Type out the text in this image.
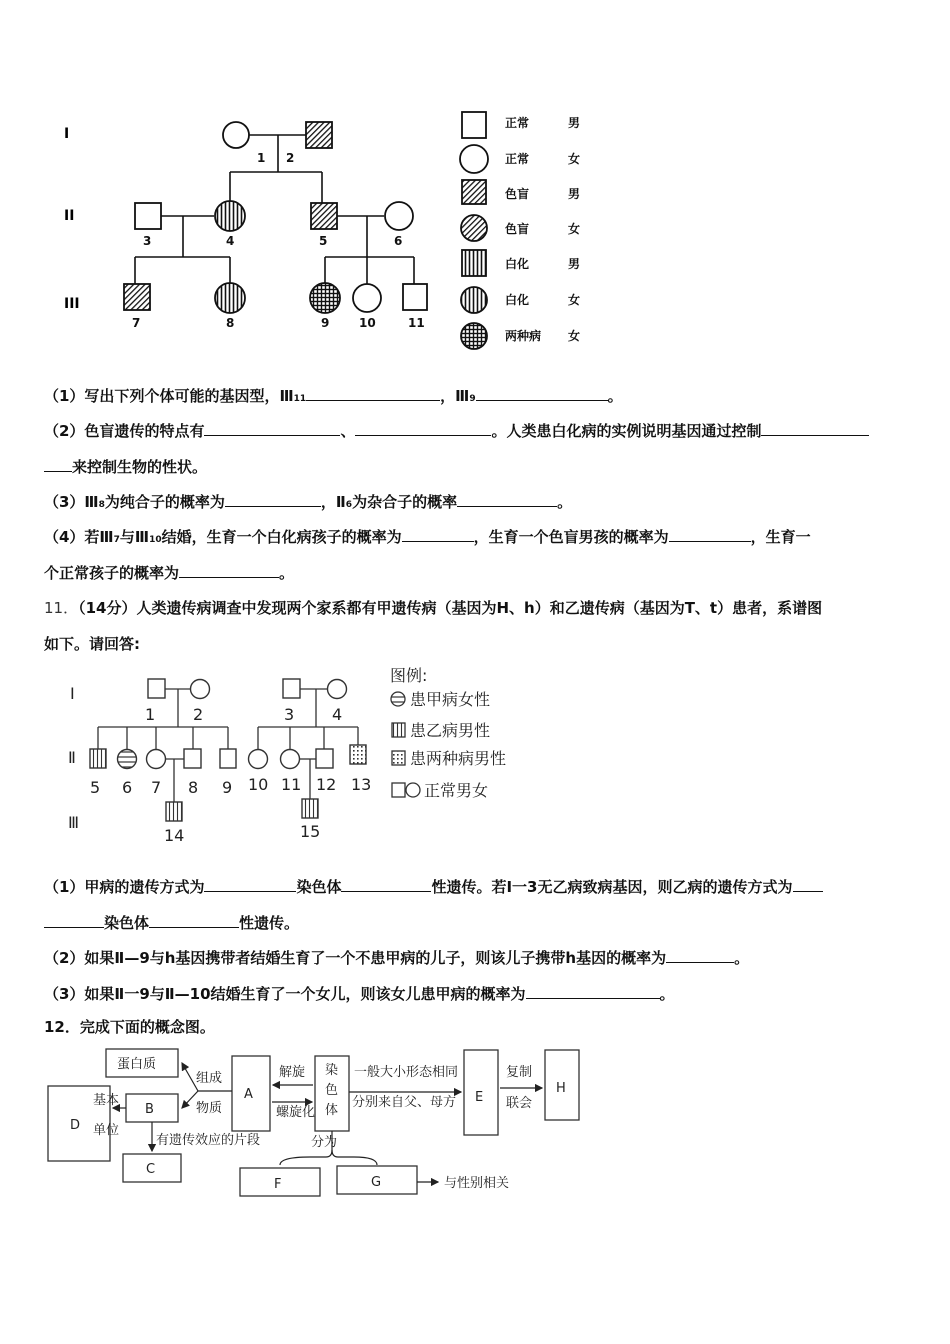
I
II
III
1 2
3	4	5	6
7	8	9 10	11
正常	男
正常	女
色盲	男
色盲	女
白化	男
白化	女
两种病 女
（1）写出下列个体可能的基因型，Ⅲ11	，Ⅲ9	。
（2）色盲遗传的特点有	、	。人类患白化病的实例说明基因通过控制
来控制生物的性状。
（3）Ⅲ8为纯合子的概率为	，Ⅱ6为杂合子的概率	。
（4）若Ⅲ7与Ⅲ10结婚，生育一个白化病孩子的概率为	，生育一个色盲男孩的概率为	，生育一
个正常孩子的概率为	。
11．（14分）人类遗传病调查中发现两个家系都有甲遗传病（基因为H、h）和乙遗传病（基因为T、t）患者，系谱图
如下。请回答:
Ⅰ
Ⅱ
Ⅲ
1 2	3 4
5 6 7 8 9 10 11 12 13
14	15
图例:
患甲病女性
患乙病男性
患两种病男性
正常男女
（1）甲病的遗传方式为	染色体	性遗传。若Ⅰ一3无乙病致病基因，则乙病的遗传方式为
染色体	性遗传。
（2）如果Ⅱ—9与h基因携带者结婚生育了一个不患甲病的儿子，则该儿子携带h基因的概率为	。
（3）如果Ⅱ一9与Ⅱ—10结婚生育了一个女儿，则该女儿患甲病的概率为	。
12．完成下面的概念图。
蛋白质
B
D
C
A
染
色
体
E
H
F	G
组成
物质
基本
单位
有遗传效应的片段
解旋
螺旋化
一般大小形态相同
分别来自父、母方
复制
联会
分为
与性别相关
